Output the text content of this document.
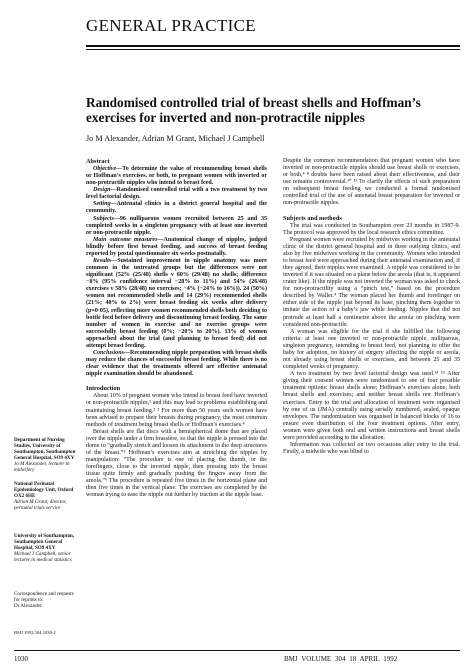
GENERAL PRACTICE
Randomised controlled trial of breast shells and Hoffman’s exercises for inverted and non-protractile nipples

Jo M Alexander, Adrian M Grant, Michael J Campbell

Department of Nursing Studies, University of Southampton, Southampton General Hospital, SO9 4XY
Jo M Alexander, lecturer in midwifery
National Perinatal Epidemiology Unit, Oxford OX2 6HE
Adrian M Grant, director, perinatal trials service
University of Southampton, Southampton General Hospital, SO9 4XY
Michael J Campbell, senior lecturer in medical statistics
Correspondence and requests for reprints to:
Dr Alexander.
BMJ 1992;304:1030-2
Abstract

Objective—To determine the value of recommending breast shells or Hoffman’s exercises, or both, to pregnant women with inverted or non-protractile nipples who intend to breast feed.

Design—Randomised controlled trial with a two treatment by two level factorial design.

Setting—Antenatal clinics in a district general hospital and the community.

Subjects—96 nulliparous women recruited between 25 and 35 completed weeks in a singleton pregnancy with at least one inverted or non-protractile nipple.

Main outcome measures—Anatomical change of nipples, judged blindly before first breast feeding, and success of breast feeding reported by postal questionnaire six weeks postnatally.

Results—Sustained improvement in nipple anatomy was more common in the untreated groups but the differences were not significant (52% (25/48) shells v 60% (29/48) no shells; difference −8% (95% confidence interval −28% to 11%) and 54% (26/48) exercises v 58% (28/48) no exercises; −4% (−24% to 16%)). 24 (50%) women not recommended shells and 14 (29%) recommended shells (21%; 40% to 2%) were breast feeding six weeks after delivery (p=0·05), reflecting more women recommended shells both deciding to bottle feed before delivery and discontinuing breast feeding. The same number of women in exercise and no exercise groups were successfully breast feeding (0%; −20% to 20%). 13% of women approached about the trial (and planning to breast feed) did not attempt breast feeding.

Conclusions—Recommending nipple preparation with breast shells may reduce the chances of successful breast feeding. While there is no clear evidence that the treatments offered are effective antenatal nipple examination should be abandoned.

Introduction

About 10% of pregnant women who intend to breast feed have inverted or non-protractile nipples,¹ and this may lead to problems establishing and maintaining breast feeding.² ³ For more than 50 years such women have been advised to prepare their breasts during pregnancy, the most common methods of treatment being breast shells or Hoffman’s exercises.⁴

Breast shells are flat discs with a hemispherical dome that are placed over the nipple under a firm brassière, so that the nipple is pressed into the dome to “gradually stretch and loosen its attachment to the deep structures of the breast.”⁵ Hoffman’s exercises aim at stretching the nipples by manipulation: “The procedure is one of placing the thumb, or the forefingers, close to the inverted nipple, then pressing into the breast tissue quite firmly and gradually pushing the fingers away from the areola.”⁶ The procedure is repeated five times in the horizontal plane and then five times in the vertical plane. The exercises are completed by the woman trying to ease the nipple out further by traction at the nipple base.

Despite the common recommendation that pregnant women who have inverted or non-protractile nipples should use breast shells or exercises, or both,⁴ ⁸ doubts have been raised about their effectiveness, and their use remains controversial.¹⁰ ¹³ To clarify the effects of such preparation on subsequent breast feeding we conducted a formal randomised controlled trial of the use of antenatal breast preparation for inverted or non-protractile nipples.

Subjects and methods

The trial was conducted in Southampton over 23 months in 1987-9. The protocol was approved by the local research ethics committee.

Pregnant women were recruited by midwives working in the antenatal clinic of the district general hospital and in three outlying clinics, and also by five midwives working in the community. Women who intended to breast feed were approached during their antenatal examination and, if they agreed, their nipples were examined. A nipple was considered to be inverted if it was situated on a plane below the areola (that is, it appeared crater like). If the nipple was not inverted the woman was asked to check for non-protractility using a “pinch test,” based on the procedure described by Waller.⁴ The woman placed her thumb and forefinger on either side of the nipple just beyond its base, pinching them together to imitate the action of a baby’s jaw while feeding. Nipples that did not protrude at least half a centimetre above the areola on pinching were considered non-protractile.

A woman was eligible for the trial if she fulfilled the following criteria: at least one inverted or non-protractile nipple, nulliparous, singleton pregnancy, intending to breast feed, not planning to offer the baby for adoption, no history of surgery affecting the nipple or areola, not already using breast shells or exercises, and between 25 and 35 completed weeks of pregnancy.

A two treatment by two level factorial design was used.¹⁴ ¹⁵ After giving their consent women were randomised to one of four possible treatment options: breast shells alone; Hoffman’s exercises alone; both breast shells and exercises; and neither breast shells nor Hoffman’s exercises. Entry to the trial and allocation of treatment were organised by one of us (JMA) centrally using serially numbered, sealed, opaque envelopes. The randomisation was organised in balanced blocks of 16 to ensure even distribution of the four treatment options. After entry, women were given both oral and written instructions and breast shells were provided according to the allocation.

Information was collected on two occasions after entry to the trial. Firstly, a midwife who was blind to

1030	BMJ VOLUME 304 18 APRIL 1992
